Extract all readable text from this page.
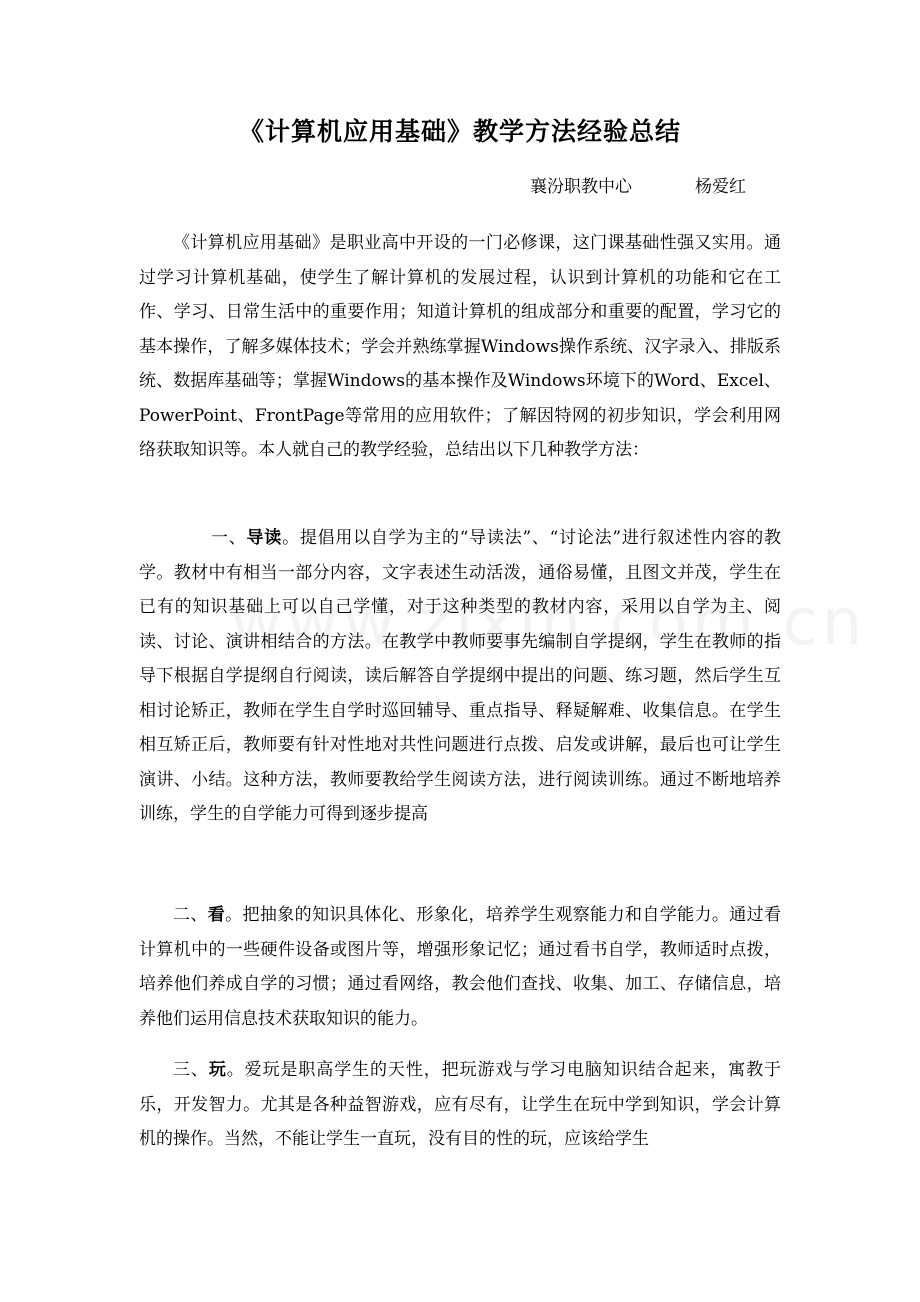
《计算机应用基础》教学方法经验总结
襄汾职教中心	杨爱红

《计算机应用基础》是职业高中开设的一门必修课，这门课基础性强又实用。通过学习计算机基础，使学生了解计算机的发展过程，认识到计算机的功能和它在工作、学习、日常生活中的重要作用；知道计算机的组成部分和重要的配置，学习它的基本操作，了解多媒体技术；学会并熟练掌握Windows操作系统、汉字录入、排版系统、数据库基础等；掌握Windows的基本操作及Windows环境下的Word、Excel、PowerPoint、FrontPage等常用的应用软件；了解因特网的初步知识，学会利用网络获取知识等。本人就自己的教学经验，总结出以下几种教学方法：

一、导读。提倡用以自学为主的“导读法”、“讨论法”进行叙述性内容的教学。教材中有相当一部分内容，文字表述生动活泼，通俗易懂，且图文并茂，学生在已有的知识基础上可以自己学懂，对于这种类型的教材内容，采用以自学为主、阅读、讨论、演讲相结合的方法。在教学中教师要事先编制自学提纲，学生在教师的指导下根据自学提纲自行阅读，读后解答自学提纲中提出的问题、练习题，然后学生互相讨论矫正，教师在学生自学时巡回辅导、重点指导、释疑解难、收集信息。在学生相互矫正后，教师要有针对性地对共性问题进行点拨、启发或讲解，最后也可让学生演讲、小结。这种方法，教师要教给学生阅读方法，进行阅读训练。通过不断地培养训练，学生的自学能力可得到逐步提高

二、看。把抽象的知识具体化、形象化，培养学生观察能力和自学能力。通过看计算机中的一些硬件设备或图片等，增强形象记忆；通过看书自学，教师适时点拨，培养他们养成自学的习惯；通过看网络，教会他们查找、收集、加工、存储信息，培养他们运用信息技术获取知识的能力。

三、玩。爱玩是职高学生的天性，把玩游戏与学习电脑知识结合起来，寓教于乐，开发智力。尤其是各种益智游戏，应有尽有，让学生在玩中学到知识，学会计算机的操作。当然，不能让学生一直玩，没有目的性的玩，应该给学生
